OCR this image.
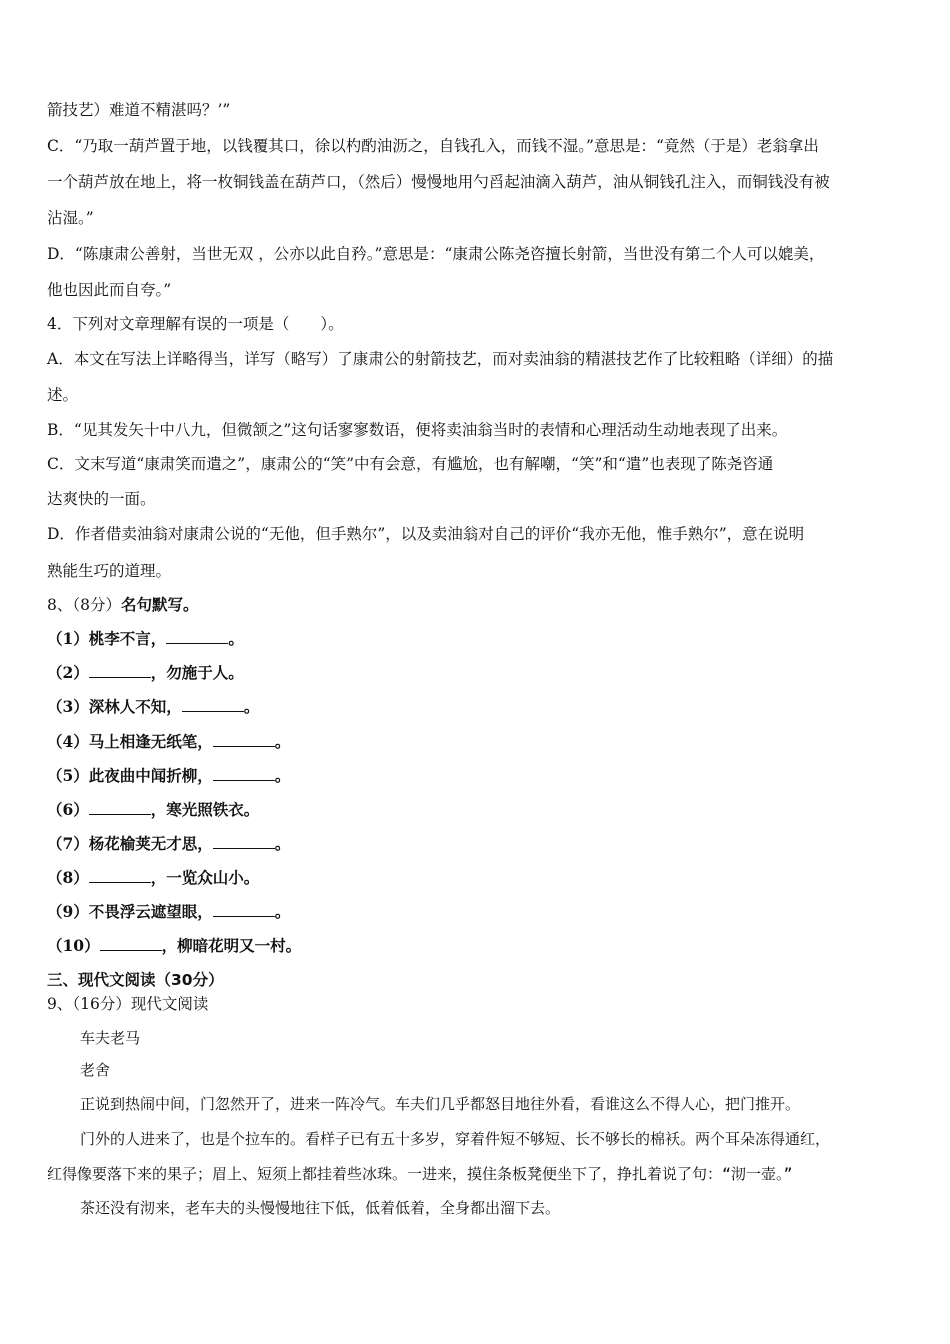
箭技艺）难道不精湛吗？’”
C．“乃取一葫芦置于地，以钱覆其口，徐以杓酌油沥之，自钱孔入，而钱不湿。”意思是：“竟然（于是）老翁拿出
一个葫芦放在地上，将一枚铜钱盖在葫芦口，（然后）慢慢地用勺舀起油滴入葫芦，油从铜钱孔注入，而铜钱没有被
沾湿。”
D．“陈康肃公善射，当世无双 ，公亦以此自矜。”意思是：“康肃公陈尧咨擅长射箭，当世没有第二个人可以媲美，
他也因此而自夸。”
4．下列对文章理解有误的一项是（　　）。
A．本文在写法上详略得当，详写（略写）了康肃公的射箭技艺，而对卖油翁的精湛技艺作了比较粗略（详细）的描
述。
B．“见其发矢十中八九，但微颔之”这句话寥寥数语，便将卖油翁当时的表情和心理活动生动地表现了出来。
C．文末写道“康肃笑而遣之”，康肃公的“笑”中有会意，有尴尬，也有解嘲，“笑”和“遣”也表现了陈尧咨通
达爽快的一面。
D．作者借卖油翁对康肃公说的“无他，但手熟尔”，以及卖油翁对自己的评价“我亦无他，惟手熟尔”，意在说明
熟能生巧的道理。
8、（8分）名句默写。
（1）桃李不言，	。
（2）	，勿施于人。
（3）深林人不知，	。
（4）马上相逢无纸笔，	。
（5）此夜曲中闻折柳，	。
（6）	，寒光照铁衣。
（7）杨花榆荚无才思，	。
（8）	，一览众山小。
（9）不畏浮云遮望眼，	。
（10）	，柳暗花明又一村。
三、现代文阅读（30分）
9、（16分）现代文阅读
车夫老马
老舍
正说到热闹中间，门忽然开了，进来一阵冷气。车夫们几乎都怒目地往外看，看谁这么不得人心，把门推开。
门外的人进来了，也是个拉车的。看样子已有五十多岁，穿着件短不够短、长不够长的棉袄。两个耳朵冻得通红，
红得像要落下来的果子；眉上、短须上都挂着些冰珠。一进来，摸住条板凳便坐下了，挣扎着说了句：“沏一壶。”
茶还没有沏来，老车夫的头慢慢地往下低，低着低着，全身都出溜下去。
